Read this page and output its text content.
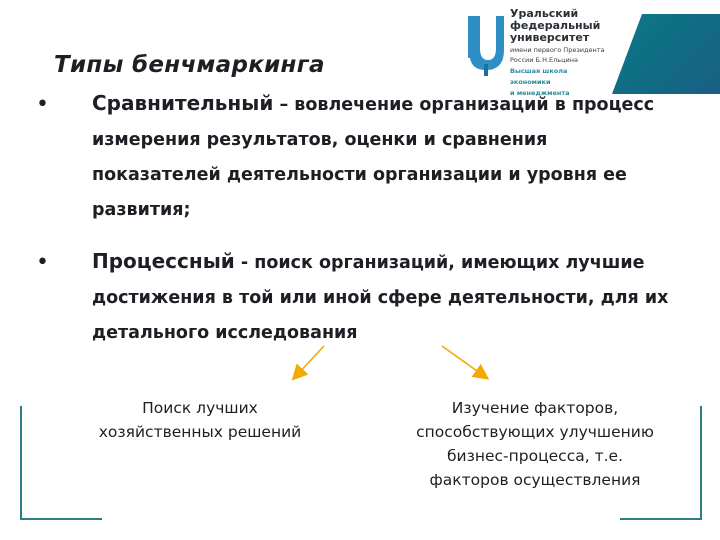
Уральский
федеральный
университет
имени первого Президента
России Б.Н.Ельцина
Высшая школа
экономики
и менеджмента
Типы бенчмаркинга
• Сравнительный – вовлечение организаций в процесс измерения результатов, оценки и сравнения показателей деятельности организации и уровня ее развития;
• Процессный - поиск организаций, имеющих лучшие достижения в той или иной сфере деятельности, для их детального исследования
Поиск лучших
хозяйственных решений
Изучение факторов,
способствующих улучшению
бизнес-процесса, т.е.
факторов осуществления
